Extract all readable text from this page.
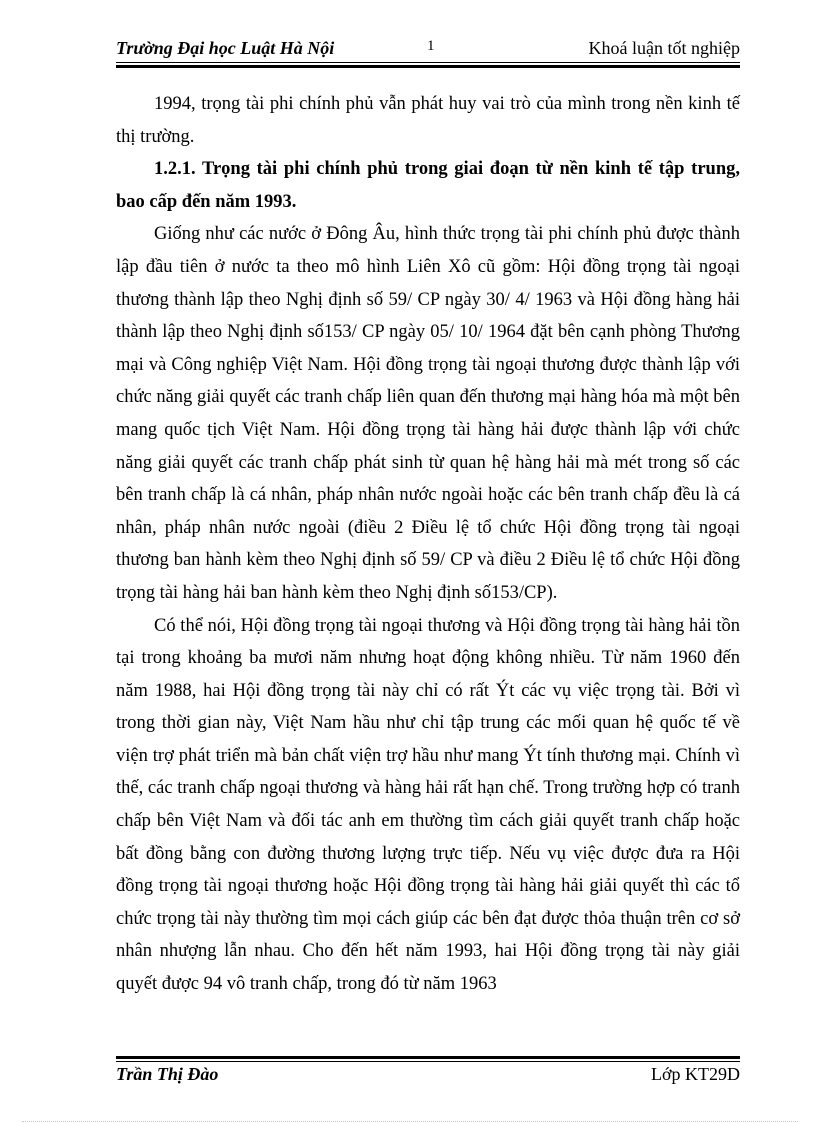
Trường Đại học Luật Hà Nội	1	Khoá luận tốt nghiệp

1994, trọng tài phi chính phủ vẫn phát huy vai trò của mình trong nền kinh tế thị trường.

1.2.1. Trọng tài phi chính phủ trong giai đoạn từ nền kinh tế tập trung, bao cấp đến năm 1993.

Giống như các nước ở Đông Âu, hình thức trọng tài phi chính phủ được thành lập đầu tiên ở nước ta theo mô hình Liên Xô cũ gồm: Hội đồng trọng tài ngoại thương thành lập theo Nghị định số 59/ CP ngày 30/ 4/ 1963 và Hội đồng hàng hải thành lập theo Nghị định số153/ CP ngày 05/ 10/ 1964 đặt bên cạnh phòng Thương mại và Công nghiệp Việt Nam. Hội đồng trọng tài ngoại thương được thành lập với chức năng giải quyết các tranh chấp liên quan đến thương mại hàng hóa mà một bên mang quốc tịch Việt Nam. Hội đồng trọng tài hàng hải được thành lập với chức năng giải quyết các tranh chấp phát sinh từ quan hệ hàng hải mà mét trong số các bên tranh chấp là cá nhân, pháp nhân nước ngoài hoặc các bên tranh chấp đều là cá nhân, pháp nhân nước ngoài (điều 2 Điều lệ tổ chức Hội đồng trọng tài ngoại thương ban hành kèm theo Nghị định số 59/ CP và điều 2 Điều lệ tổ chức Hội đồng trọng tài hàng hải ban hành kèm theo Nghị định số153/CP).

Có thể nói, Hội đồng trọng tài ngoại thương và Hội đồng trọng tài hàng hải tồn tại trong khoảng ba mươi năm nhưng hoạt động không nhiều. Từ năm 1960 đến năm 1988, hai Hội đồng trọng tài này chỉ có rất Ýt các vụ việc trọng tài. Bởi vì trong thời gian này, Việt Nam hầu như chỉ tập trung các mối quan hệ quốc tế về viện trợ phát triển mà bản chất viện trợ hầu như mang Ýt tính thương mại. Chính vì thế, các tranh chấp ngoại thương và hàng hải rất hạn chế. Trong trường hợp có tranh chấp bên Việt Nam và đối tác anh em thường tìm cách giải quyết tranh chấp hoặc bất đồng bằng con đường thương lượng trực tiếp. Nếu vụ việc được đưa ra Hội đồng trọng tài ngoại thương hoặc Hội đồng trọng tài hàng hải giải quyết thì các tổ chức trọng tài này thường tìm mọi cách giúp các bên đạt được thỏa thuận trên cơ sở nhân nhượng lẫn nhau. Cho đến hết năm 1993, hai Hội đồng trọng tài này giải quyết được 94 vô tranh chấp, trong đó từ năm 1963

Trần Thị Đào	Lớp KT29D
